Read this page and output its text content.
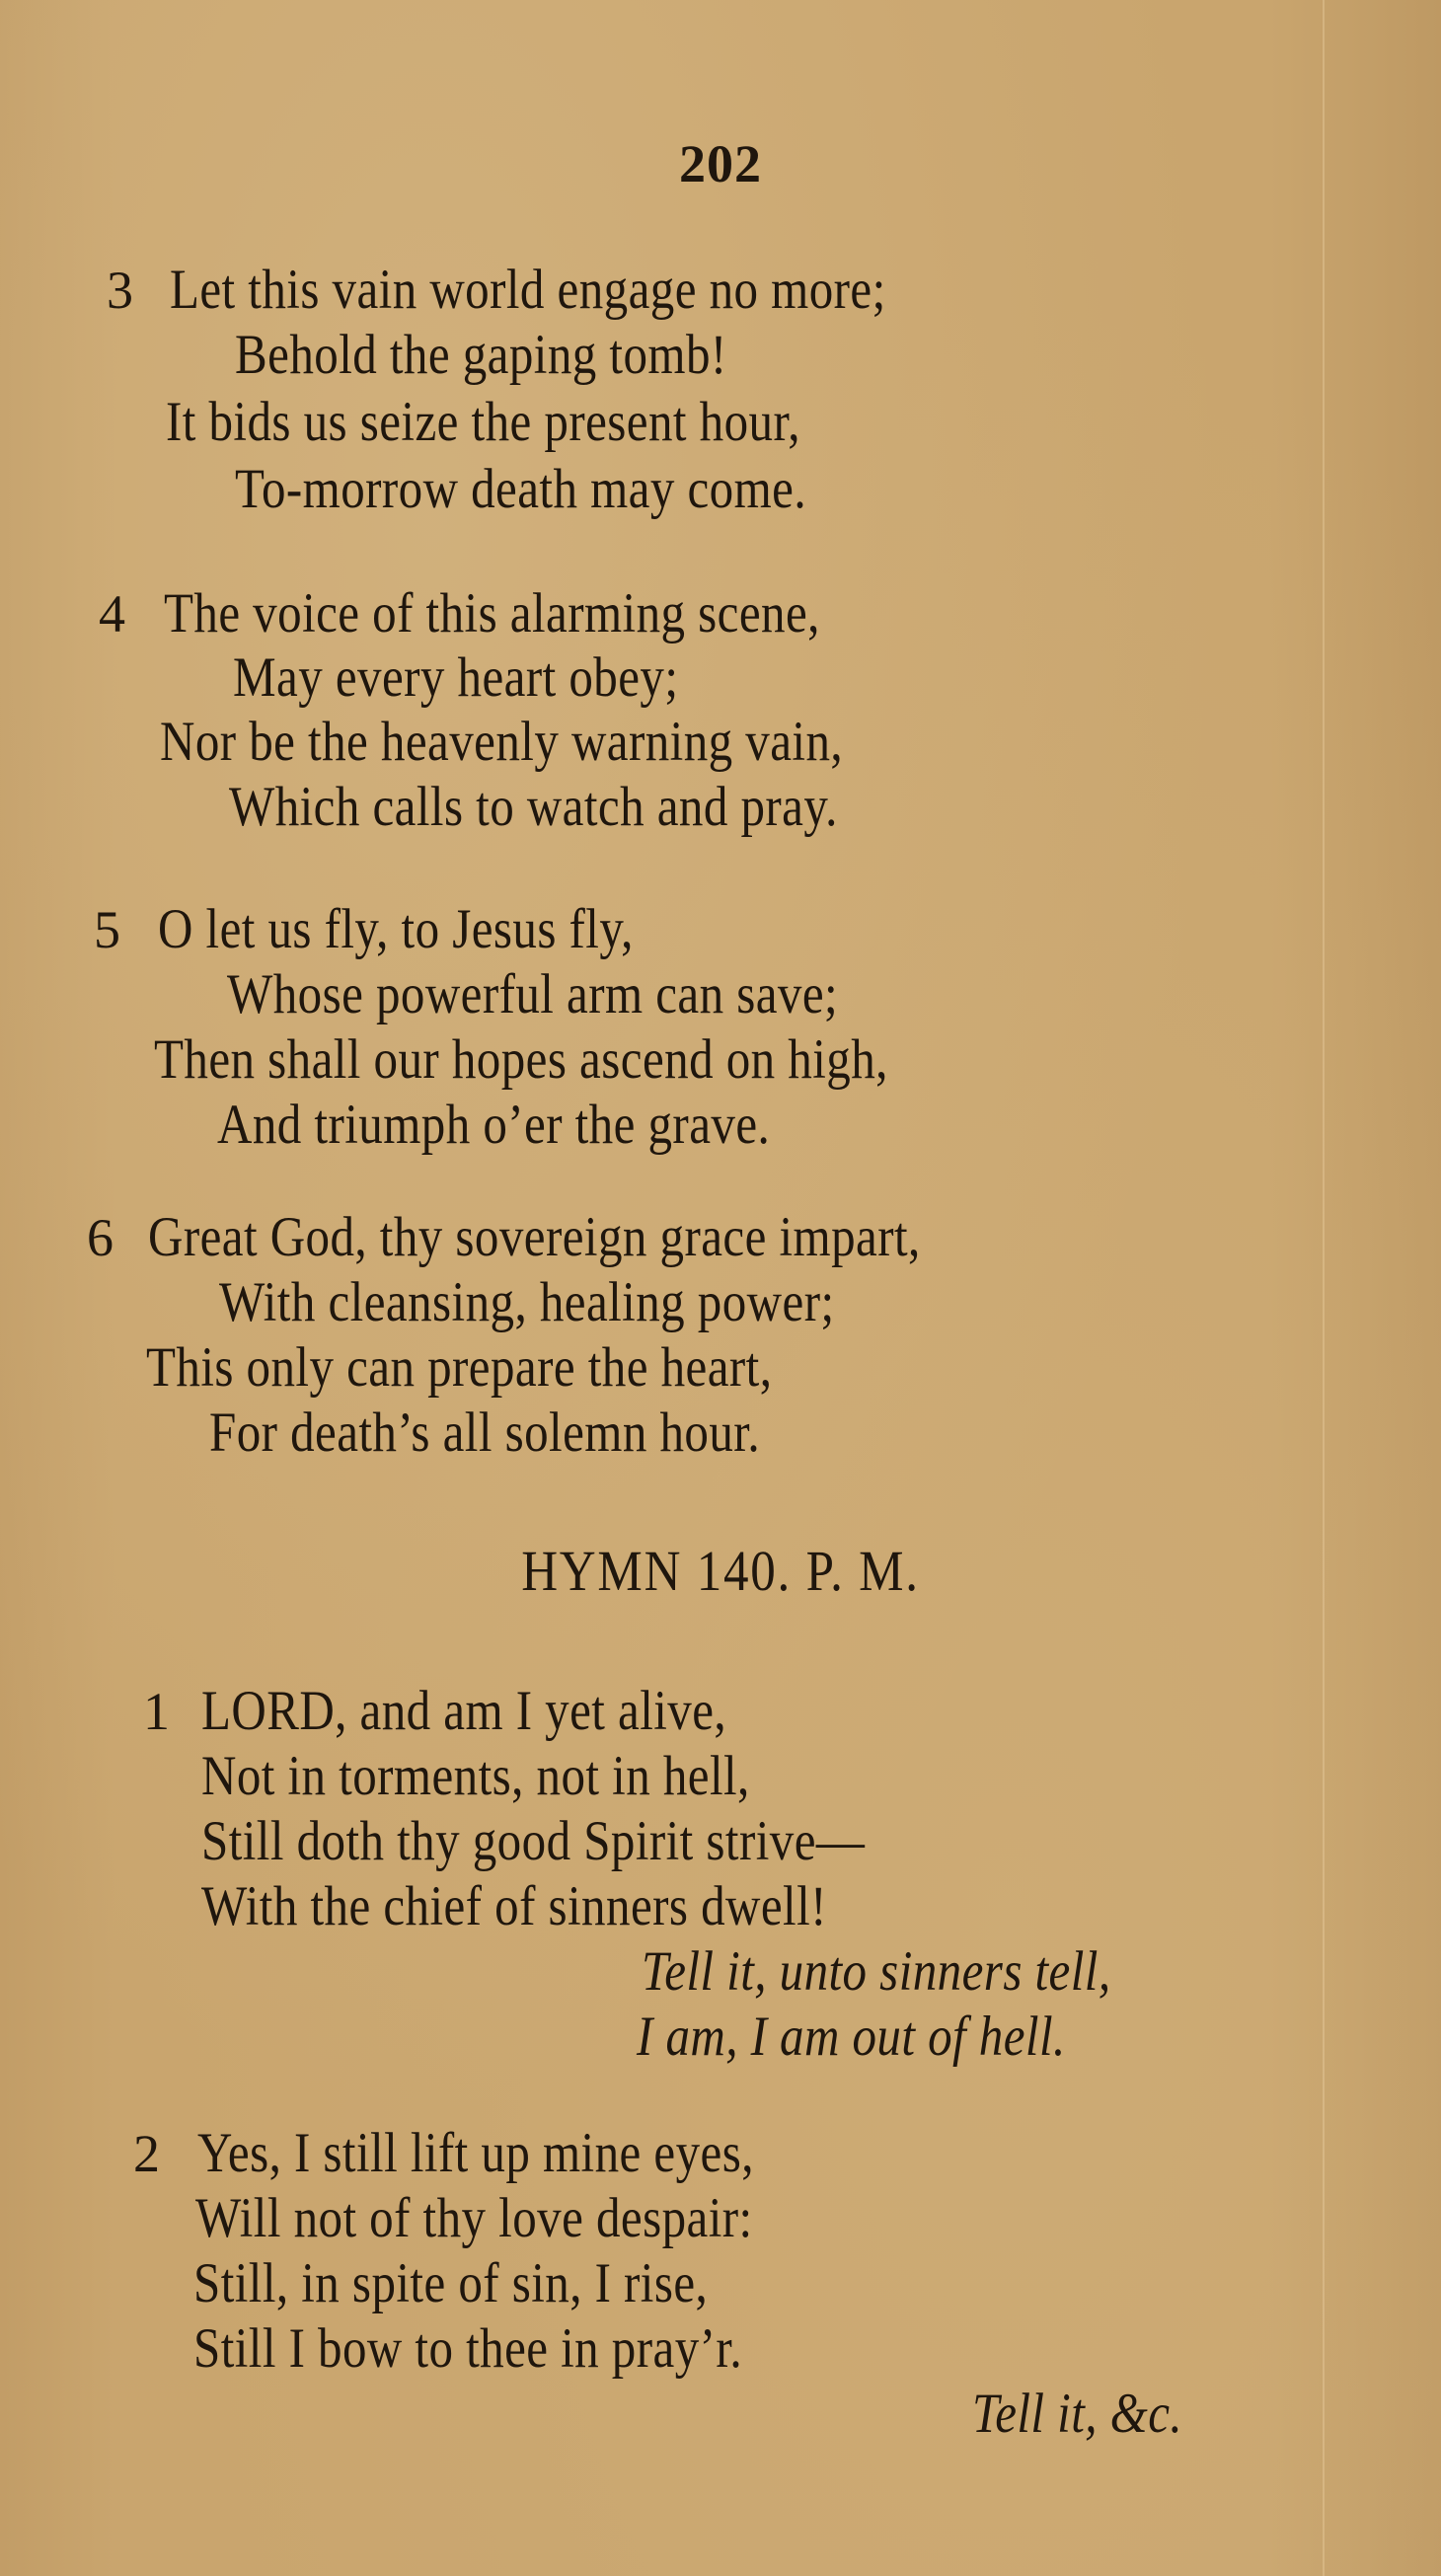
202
3 Let this vain world engage no more;
Behold the gaping tomb!
It bids us seize the present hour,
To-morrow death may come.
4 The voice of this alarming scene,
May every heart obey;
Nor be the heavenly warning vain,
Which calls to watch and pray.
5 O let us fly, to Jesus fly,
Whose powerful arm can save;
Then shall our hopes ascend on high,
And triumph o’er the grave.
6 Great God, thy sovereign grace impart,
With cleansing, healing power;
This only can prepare the heart,
For death’s all solemn hour.
HYMN 140. P. M.
1 LORD, and am I yet alive,
Not in torments, not in hell,
Still doth thy good Spirit strive—
With the chief of sinners dwell!
Tell it, unto sinners tell,
I am, I am out of hell.
2 Yes, I still lift up mine eyes,
Will not of thy love despair:
Still, in spite of sin, I rise,
Still I bow to thee in pray’r.
Tell it, &c.
